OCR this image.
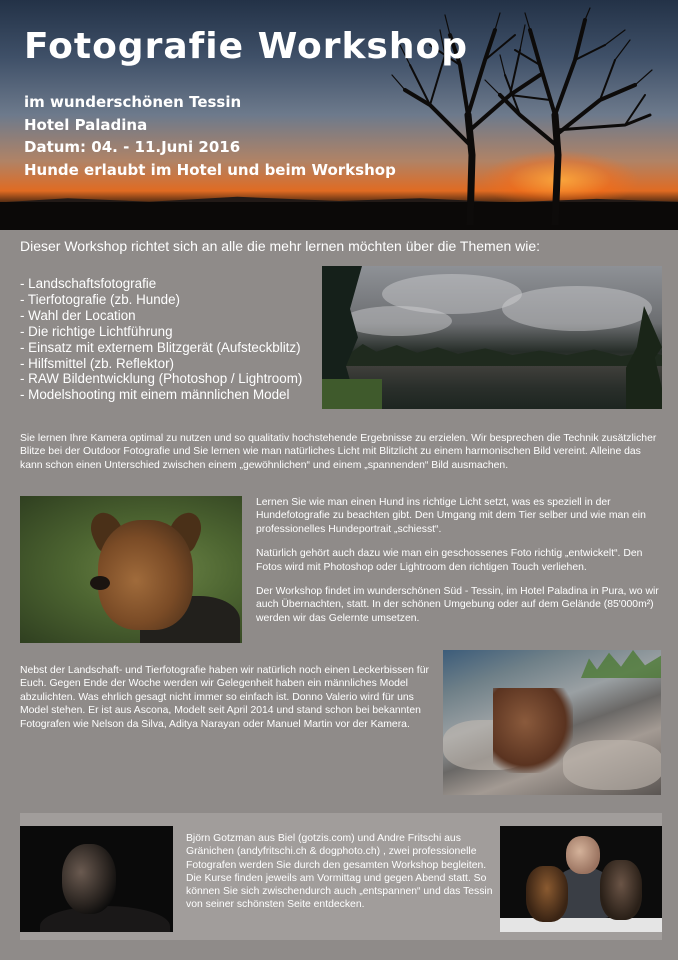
Fotografie Workshop
im wunderschönen Tessin
Hotel Paladina
Datum: 04. - 11.Juni 2016
Hunde erlaubt im Hotel und beim Workshop
Dieser Workshop richtet sich an alle die mehr lernen möchten über die Themen wie:
- Landschaftsfotografie
- Tierfotografie (zb. Hunde)
- Wahl der Location
- Die richtige Lichtführung
- Einsatz mit externem Blitzgerät (Aufsteckblitz)
- Hilfsmittel (zb. Reflektor)
- RAW Bildentwicklung (Photoshop / Lightroom)
- Modelshooting mit einem männlichen Model
Sie lernen Ihre Kamera optimal zu nutzen und so qualitativ hochstehende Ergebnisse zu erzielen. Wir besprechen die Technik zusätzlicher Blitze bei der Outdoor Fotografie und Sie lernen wie man natürliches Licht mit Blitzlicht zu einem harmonischen Bild vereint. Alleine das kann schon einen Unterschied zwischen einem „gewöhnlichen“ und einem „spannenden“ Bild ausmachen.

Lernen Sie wie man einen Hund ins richtige Licht setzt, was es speziell in der Hundefotografie zu beachten gibt. Den Umgang mit dem Tier selber und wie man ein professionelles Hundeportrait „schiesst“.

Natürlich gehört auch dazu wie man ein geschossenes Foto richtig „entwickelt“. Den Fotos wird mit Photoshop oder Lightroom den richtigen Touch verliehen.

Der Workshop findet im wunderschönen Süd - Tessin, im Hotel Paladina in Pura, wo wir auch Übernachten, statt. In der schönen Umgebung oder auf dem Gelände (85'000m²) werden wir das Gelernte umsetzen.

Nebst der Landschaft- und Tierfotografie haben wir natürlich noch einen Leckerbissen für Euch. Gegen Ende der Woche werden wir Gelegenheit haben ein männliches Model abzulichten. Was ehrlich gesagt nicht immer so einfach ist. Donno Valerio wird für uns Model stehen. Er ist aus Ascona, Modelt seit April 2014 und stand schon bei bekannten Fotografen wie Nelson da Silva, Aditya Narayan oder Manuel Martin vor der Kamera.
Björn Gotzman aus Biel (gotzis.com) und Andre Fritschi aus Gränichen (andyfritschi.ch & dogphoto.ch) , zwei professionelle Fotografen werden Sie durch den gesamten Workshop begleiten. Die Kurse finden jeweils am Vormittag und gegen Abend statt. So können Sie sich zwischendurch auch „entspannen“ und das Tessin von seiner schönsten Seite entdecken.
